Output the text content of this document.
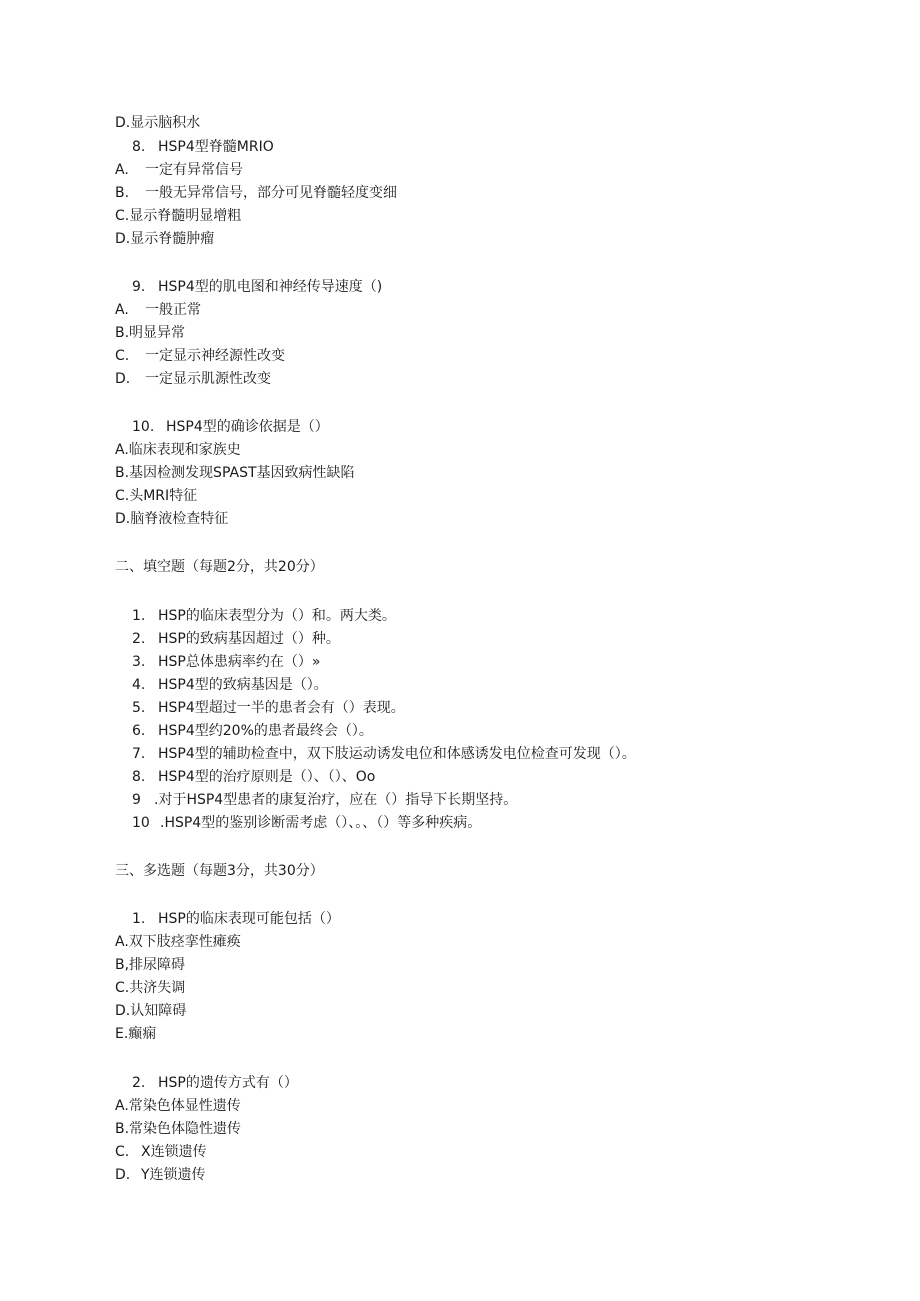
D.显示脑积水
8. HSP4型脊髓MRIO
A. 一定有异常信号
B. 一般无异常信号，部分可见脊髓轻度变细
C.显示脊髓明显增粗
D.显示脊髓肿瘤
9. HSP4型的肌电图和神经传导速度（)
A. 一般正常
B.明显异常
C. 一定显示神经源性改变
D. 一定显示肌源性改变
10. HSP4型的确诊依据是（）
A.临床表现和家族史
B.基因检测发现SPAST基因致病性缺陷
C.头MRI特征
D.脑脊液检查特征
二、填空题（每题2分，共20分）
1. HSP的临床表型分为（）和。两大类。
2. HSP的致病基因超过（）种。
3. HSP总体患病率约在（）»
4. HSP4型的致病基因是（）。
5. HSP4型超过一半的患者会有（）表现。
6. HSP4型约20%的患者最终会（）。
7. HSP4型的辅助检查中，双下肢运动诱发电位和体感诱发电位检查可发现（）。
8. HSP4型的治疗原则是（）、（）、Oo
9 .对于HSP4型患者的康复治疗，应在（）指导下长期坚持。
10 .HSP4型的鉴别诊断需考虑（）、。、（）等多种疾病。
三、多选题（每题3分，共30分）
1. HSP的临床表现可能包括（）
A.双下肢痉挛性瘫痪
B,排尿障碍
C.共济失调
D.认知障碍
E.癫痫
2. HSP的遗传方式有（）
A.常染色体显性遗传
B.常染色体隐性遗传
C. X连锁遗传
D. Y连锁遗传
